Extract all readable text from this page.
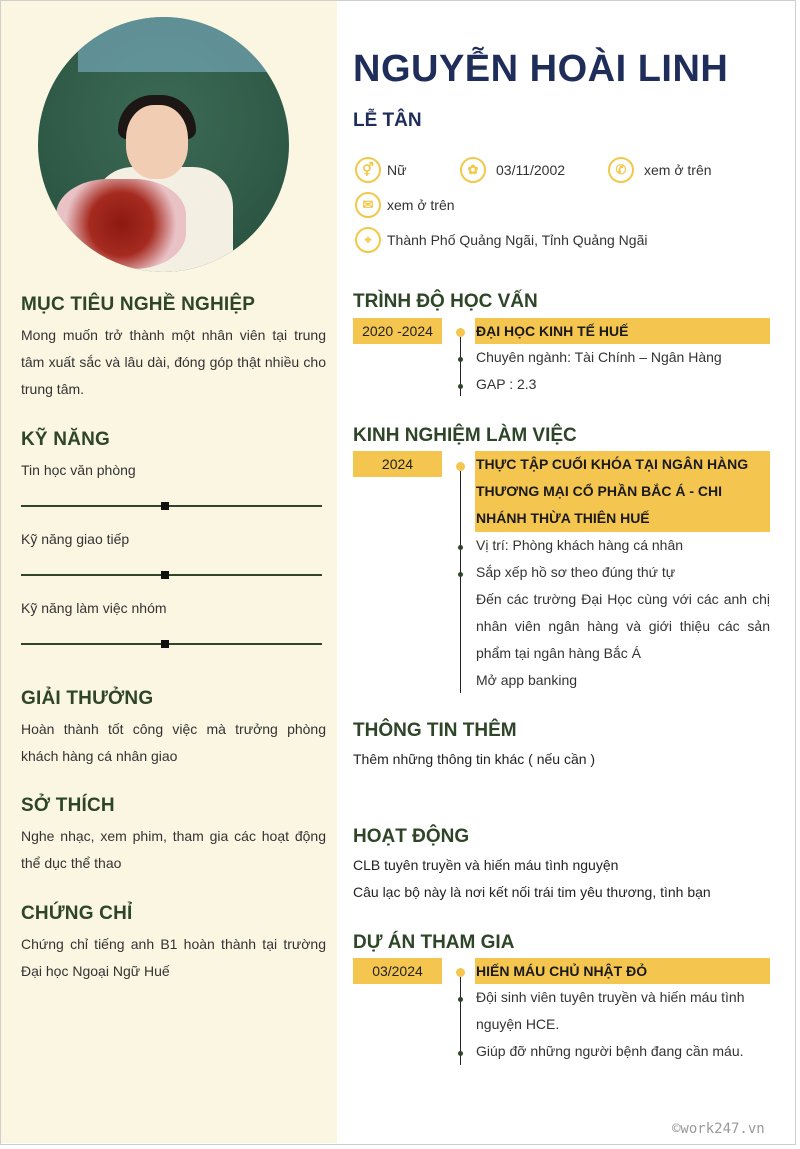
MỤC TIÊU NGHỀ NGHIỆP

Mong muốn trở thành một nhân viên tại trung tâm xuất sắc và lâu dài, đóng góp thật nhiều cho trung tâm.

KỸ NĂNG
Tin học văn phòng
Kỹ năng giao tiếp
Kỹ năng làm việc nhóm
GIẢI THƯỞNG

Hoàn thành tốt công việc mà trưởng phòng khách hàng cá nhân giao

SỞ THÍCH

Nghe nhạc, xem phim, tham gia các hoạt động thể dục thể thao

CHỨNG CHỈ

Chứng chỉ tiếng anh B1 hoàn thành tại trường Đại học Ngoại Ngữ Huế

NGUYỄN HOÀI LINH
LỄ TÂN
⚥ Nữ	✿	03/11/2002	✆	xem ở trên
✉ xem ở trên
⌖	Thành Phố Quảng Ngãi, Tỉnh Quảng Ngãi
TRÌNH ĐỘ HỌC VẤN
2020 -2024	ĐẠI HỌC KINH TẾ HUẾ
Chuyên ngành: Tài Chính – Ngân Hàng
GAP : 2.3
KINH NGHIỆM LÀM VIỆC
2024	THỰC TẬP CUỐI KHÓA TẠI NGÂN HÀNG THƯƠNG MẠI CỔ PHẦN BẮC Á - CHI NHÁNH THỪA THIÊN HUẾ
Vị trí: Phòng khách hàng cá nhân
Sắp xếp hồ sơ theo đúng thứ tự
Đến các trường Đại Học cùng với các anh chị nhân viên ngân hàng và giới thiệu các sản phẩm tại ngân hàng Bắc Á
Mở app banking
THÔNG TIN THÊM
Thêm những thông tin khác ( nếu cần )
HOẠT ĐỘNG
CLB tuyên truyền và hiến máu tình nguyện
Câu lạc bộ này là nơi kết nối trái tim yêu thương, tình bạn
DỰ ÁN THAM GIA
03/2024	HIẾN MÁU CHỦ NHẬT ĐỎ
Đội sinh viên tuyên truyền và hiến máu tình nguyện HCE.
Giúp đỡ những người bệnh đang cần máu.
©work247.vn
